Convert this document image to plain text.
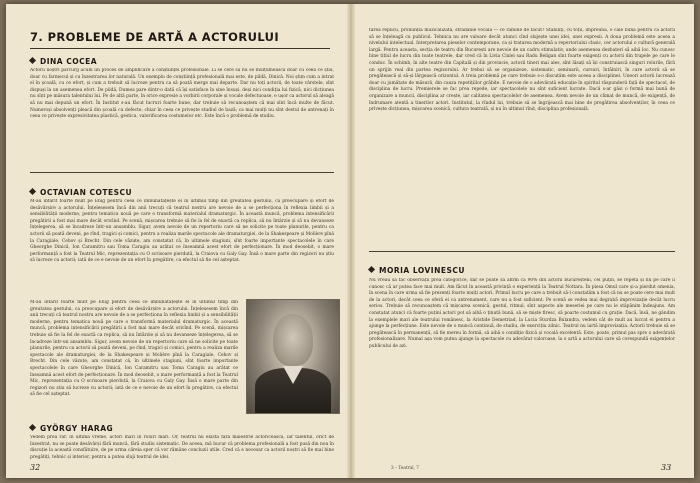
7. PROBLEME DE ARTĂ A ACTORULUI
DINA COCEA
Actorii noștri parcurg acum un proces de amplificare a conștiinței profesionale. Li se cere să nu se mulțumească doar cu ceea ce știu, doar cu farmecul și cu înzestrarea lor naturală. Un exemplu de conștiință profesională mai este, de pildă, Dinică. Noi știm cum a intrat el în școală, cu ce efort, și cum a trebuit să lucreze pentru ca să poată merge mai departe. Dar nu toți actorii, de toate vârstele, sînt dispuși la un asemenea efort. De pildă, Dumea pare dintr-o dată că își satisface în sine însuși, deși nici condiția lui fizică, nici dicțiunea nu sînt pe măsura talentului lui. Pe de altă parte, în orice expresie a vorbirii corporale și vocale defectuoase, e ușor ca actorul să aleagă să nu mai depună un efort. În Institut s-au făcut lucruri foarte bune, dar trebuie să recunoaștem că mai sînt încă multe de făcut. Numeroși absolvenți pleacă din școală cu defecte, chiar în ceea ce privește studiul de bază; ca mai mulți nu sînt destul de antrenați în ceea ce privește expresivitatea plastică, gestica, valorificarea costumelor etc. Este încă o problemă de studiu.
OCTAVIAN COTESCU
M-au întărit foarte mult pe Enig pentru ceea ce îmbunătățește el în ultimul timp din greutatea gestului, ca preocupare și efort de desăvârșire a actorului. Înțelesesem încă din anii trecuți că teatrul nostru are nevoie de a se perfecționa în reflexia limbii și a sensibilității moderne, pentru tematica nouă pe care o transformă materialul dramaturgic. În această muncă, problema intensificării pregătirii a fost mai mare decât oricînd. Pe scenă, mișcarea trebuie să fie la fel de exactă ca replica, să nu întârzie și să nu devanseze înțelegerea, să se încadreze într-un ansamblu. Sigur, avem nevoie de un repertoriu care să ne solicite pe toate planurile, pentru ca actorii să poată deveni, pe rînd, tragici și comici, pentru a realiza marile spectacole ale dramaturgiei, de la Shakespeare și Molière pînă la Caragiale, Cehov și Brecht. Din cele văzute, am constatat că, în ultimele stagiuni, sînt foarte importante spectacolele în care Gheorghe Dinică, Ion Caramitru sau Toma Caragiu au arătat ce înseamnă acest efort de perfecționare. În mod deosebit, o mare performanță a fost la Teatrul Mic, reprezentația cu O scrisoare pierdută, la Craiova cu Galy Gay. Însă o mare parte din regizori nu știu să lucreze cu actorii; iată de ce e nevoie de un efort în pregătire, ca efectul să fie cel așteptat.
M-au întărit foarte mult pe Enig pentru ceea ce îmbunătățește el în ultimul timp din greutatea gestului, ca preocupare și efort de desăvârșire a actorului. Înțelesesem încă din anii trecuți că teatrul nostru are nevoie de a se perfecționa în reflexia limbii și a sensibilității moderne, pentru tematica nouă pe care o transformă materialul dramaturgic. În această muncă, problema intensificării pregătirii a fost mai mare decât oricînd. Pe scenă, mișcarea trebuie să fie la fel de exactă ca replica, să nu întârzie și să nu devanseze înțelegerea, să se încadreze într-un ansamblu. Sigur, avem nevoie de un repertoriu care să ne solicite pe toate planurile, pentru ca actorii să poată deveni, pe rînd, tragici și comici, pentru a realiza marile spectacole ale dramaturgiei, de la Shakespeare și Molière pînă la Caragiale, Cehov și Brecht. Din cele văzute, am constatat că, în ultimele stagiuni, sînt foarte importante spectacolele în care Gheorghe Dinică, Ion Caramitru sau Toma Caragiu au arătat ce înseamnă acest efort de perfecționare. În mod deosebit, o mare performanță a fost la Teatrul Mic, reprezentația cu O scrisoare pierdută, la Craiova cu Galy Gay. Însă o mare parte din regizori nu știu să lucreze cu actorii; iată de ce e nevoie de un efort în pregătire, ca efectul să fie cel așteptat.
GYÖRGY HARAG
Vedem prea rar, în ultima vreme, actori mari în roluri mari. Or, teatrul nu există fără maiestrie actoricească, iar talentul, orict de înzestrat, nu se poate desăvârși fără muncă, fără studiu sistematic. De aceea, mă bucur că problema profesională a fost pusă din nou în discuție la această consfătuire, de pe urma căreia sper că vor rămâne concluzii utile. Cred că e necesar ca actorii noștri să fie mai bine pregătiți, tehnic și interior, pentru a putea sluji teatrul de idei.
32
tarea replicii, pronunția muzicalizată, strădanie vocală — ce rămîne de făcut? Stabiliți, cu toții, împreună, o cale bună pentru ca actorii să se înțeleagă cu publicul. Tehnica nu are valoare decât atunci cînd slujește unei idei, unei expresii. A doua problemă este aceea a nivelului intelectual. Interpretarea pieselor contemporane, ca și tratarea modernă a repertoriului clasic, cer actorului o cultură generală largă. Pentru aceasta, secția de teatru din București are nevoie de un cadru stimulativ, unde asemenea dezbateri să aibă loc. Nu cunosc bine titlul de lucru din toate teatrele, dar cred că în Livia Ciulei sau Radu Beligan sînt foarte exigenți cu actorii din trupele pe care le conduc. În schimb, în alte teatre din Capitală și din provincie, actorii tineri mai ales, sînt lăsați să își construiască singuri rolurile, fără un sprijin real din partea regizorului. Ar trebui să se organizeze, sistematic, seminarii, cursuri, întâlniri, în care actorii să se pregătească și să-și lărgească orizontul. A treia problemă pe care trebuie s-o discutăm este aceea a disciplinei. Uneori actorii lucrează doar cu jumătate de măsură, din cauza repetițiilor grăbite. E nevoie de o adevărată educație în spiritul răspunderii față de spectacol, de disciplina de lucru. Premierele se fac prea repede, iar spectacolele nu sînt suficient lucrate. Dacă s-ar găsi o formă mai bună de organizare a muncii, disciplina ar crește, iar calitatea spectacolelor de asemenea. Avem nevoie de un climat de muncă, de exigență, de îndrumare atentă a tinerilor actori. Institutul, la rîndul lui, trebuie să se îngrijească mai bine de pregătirea absolvenților, în ceea ce privește dicțiunea, mișcarea scenică, cultura teatrală, și nu în ultimul rînd, disciplina profesională.
MORIA LOVINESCU
Nu vreau să fac observații prea categorice, dar se poate să afirm că 90% din actorii bucureșteni, cel puțin, se repetă și nu pe care îi cunosc că ar putea face mai mult. Am făcut în această privință o experiență la Teatrul Nottara. În piesa Omul care și-a pierdut omenia, în scena în care urma să fie prezenți foarte mulți actori. Primul lucru pe care a trebuit să-l constatăm a fost că nu se poate cere mai mult de la actori, decât ceea ce oferă ei ca antrenament, care nu a fost suficient. Pe scenă se vedea mai degrabă improvizație decât lucru serios. Trebuie să recunoaștem că mișcarea scenică, gestul, ritmul, sînt aspecte ale meseriei pe care nu le stăpânim îndeajuns. Am constatat atunci că foarte puțini actori pot să aibă o ținută bună, să se miște firesc, să poarte costumul cu grație. Dacă, însă, ne gândim la exemplele mari ale teatrului românesc, la Aristide Demetriad, la Lucia Sturdza Bulandra, vedem cât de mult au lucrat ei pentru a ajunge la perfecțiune. Este nevoie de o muncă continuă, de studiu, de exercițiu zilnic. Teatrul nu iartă improvizația. Actorii trebuie să se pregătească în permanență, să fie mereu în formă, să aibă o condiție fizică și vocală excelentă. Este, poate, primul pas spre o adevărată profesionalizare. Numai așa vom putea ajunge la spectacole cu adevărat valoroase, la o artă a actorului care să corespundă exigențelor publicului de azi.
3 – Teatrul, 7	33
